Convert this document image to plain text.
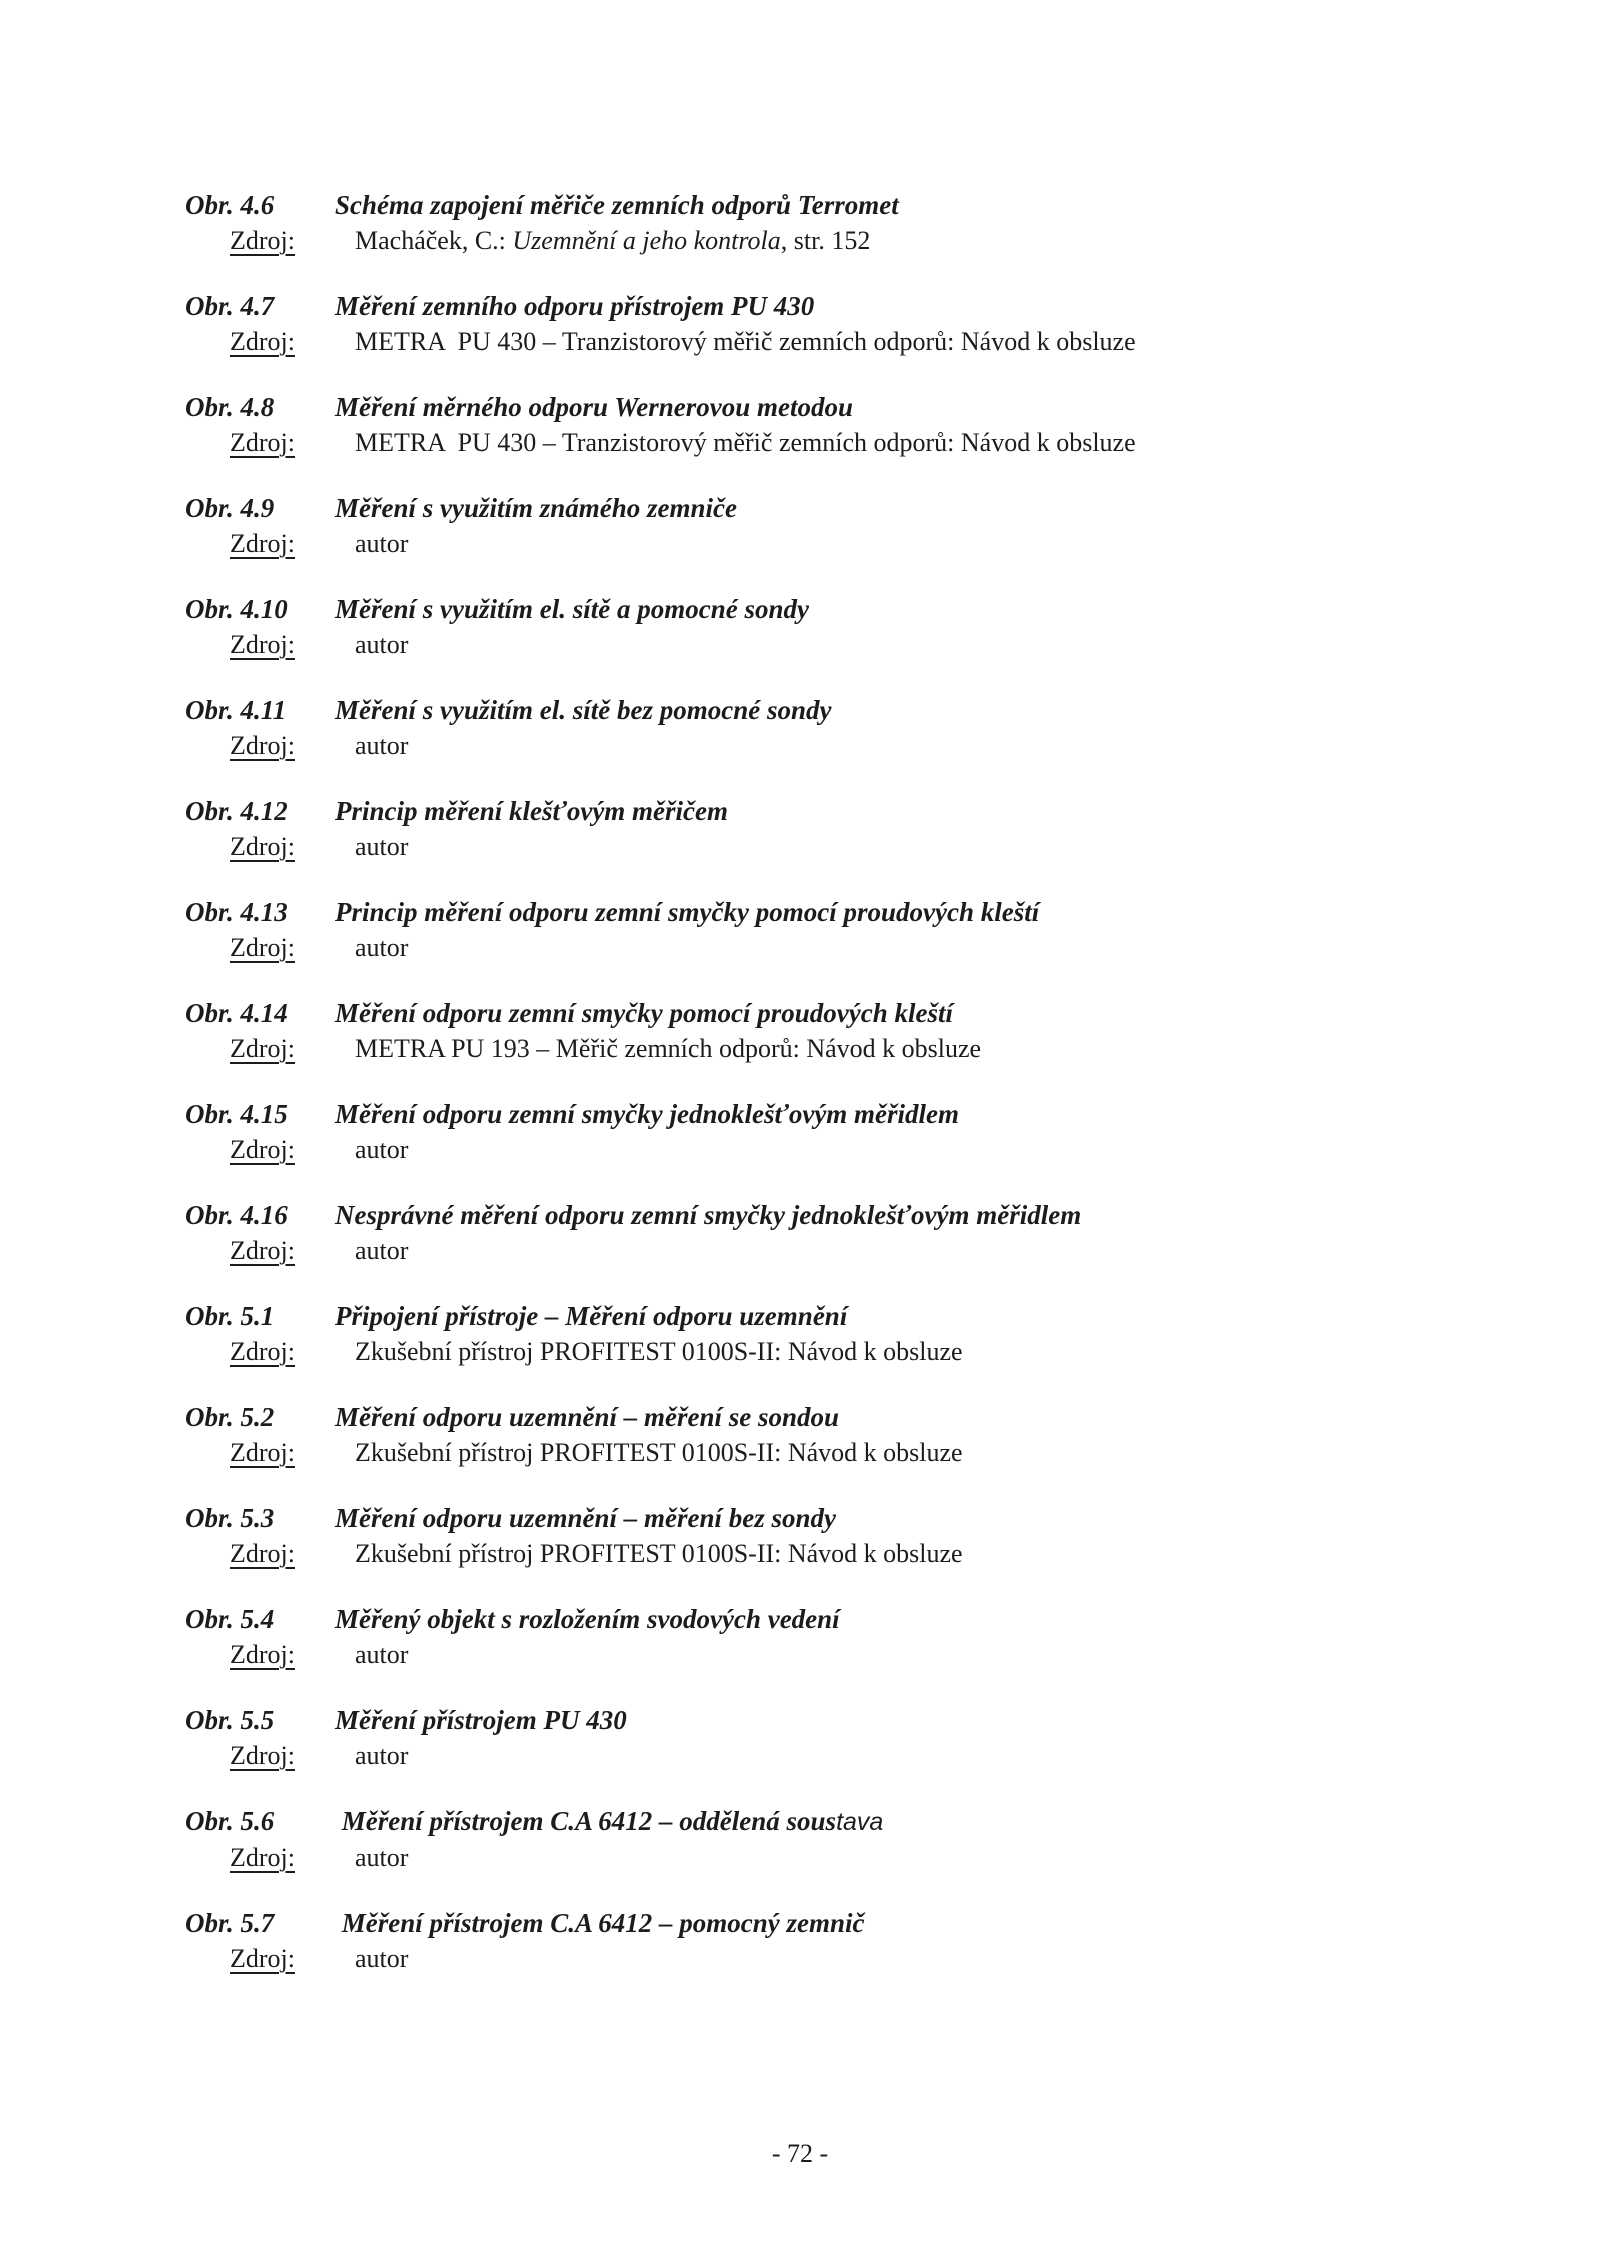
Obr. 4.6	Schéma zapojení měřiče zemních odporů Terromet
Zdroj:	Macháček, C.: Uzemnění a jeho kontrola, str. 152
Obr. 4.7	Měření zemního odporu přístrojem PU 430
Zdroj:	METRA  PU 430 – Tranzistorový měřič zemních odporů: Návod k obsluze
Obr. 4.8	Měření měrného odporu Wernerovou metodou
Zdroj:	METRA  PU 430 – Tranzistorový měřič zemních odporů: Návod k obsluze
Obr. 4.9	Měření s využitím známého zemniče
Zdroj:	autor
Obr. 4.10	Měření s využitím el. sítě a pomocné sondy
Zdroj:	autor
Obr. 4.11	Měření s využitím el. sítě bez pomocné sondy
Zdroj:	autor
Obr. 4.12	Princip měření klešťovým měřičem
Zdroj:	autor
Obr. 4.13	Princip měření odporu zemní smyčky pomocí proudových kleští
Zdroj:	autor
Obr. 4.14	Měření odporu zemní smyčky pomocí proudových kleští
Zdroj:	METRA PU 193 – Měřič zemních odporů: Návod k obsluze
Obr. 4.15	Měření odporu zemní smyčky jednoklešťovým měřidlem
Zdroj:	autor
Obr. 4.16	Nesprávné měření odporu zemní smyčky jednoklešťovým měřidlem
Zdroj:	autor
Obr. 5.1	Připojení přístroje – Měření odporu uzemnění
Zdroj:	Zkušební přístroj PROFITEST 0100S-II: Návod k obsluze
Obr. 5.2	Měření odporu uzemnění – měření se sondou
Zdroj:	Zkušební přístroj PROFITEST 0100S-II: Návod k obsluze
Obr. 5.3	Měření odporu uzemnění – měření bez sondy
Zdroj:	Zkušební přístroj PROFITEST 0100S-II: Návod k obsluze
Obr. 5.4	Měřený objekt s rozložením svodových vedení
Zdroj:	autor
Obr. 5.5	Měření přístrojem PU 430
Zdroj:	autor
Obr. 5.6	Měření přístrojem C.A 6412 – oddělená soustava
Zdroj:	autor
Obr. 5.7	Měření přístrojem C.A 6412 – pomocný zemnič
Zdroj:	autor
- 72 -
